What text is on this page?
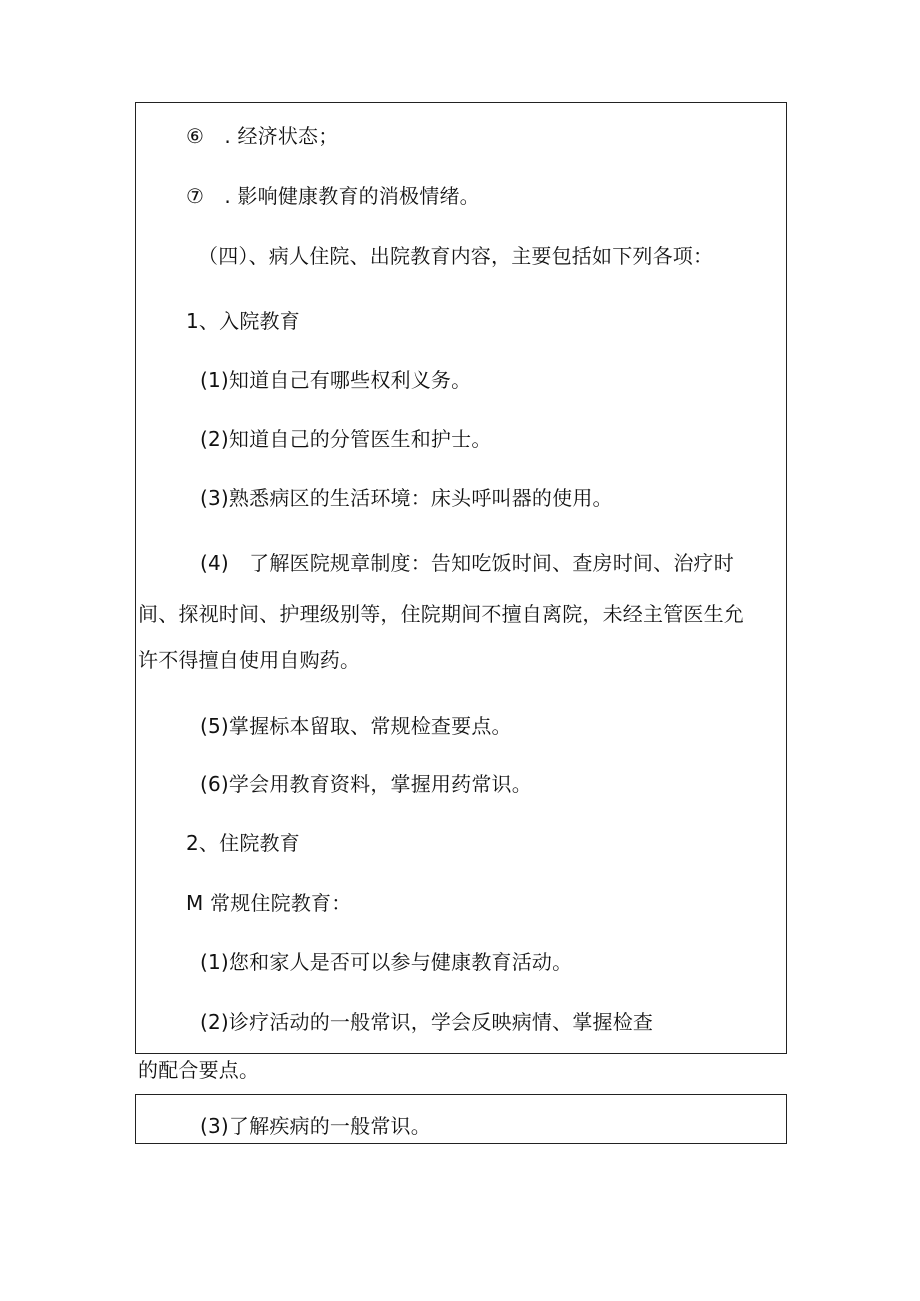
⑥　. 经济状态；
⑦　. 影响健康教育的消极情绪。
（四）、病人住院、出院教育内容，主要包括如下列各项：
1、入院教育
(1)知道自己有哪些权利义务。
(2)知道自己的分管医生和护士。
(3)熟悉病区的生活环境：床头呼叫器的使用。
(4)　了解医院规章制度：告知吃饭时间、查房时间、治疗时
间、探视时间、护理级别等，住院期间不擅自离院，未经主管医生允
许不得擅自使用自购药。
(5)掌握标本留取、常规检查要点。
(6)学会用教育资料，掌握用药常识。
2、住院教育
M 常规住院教育：
(1)您和家人是否可以参与健康教育活动。
(2)诊疗活动的一般常识，学会反映病情、掌握检查
的配合要点。
(3)了解疾病的一般常识。
